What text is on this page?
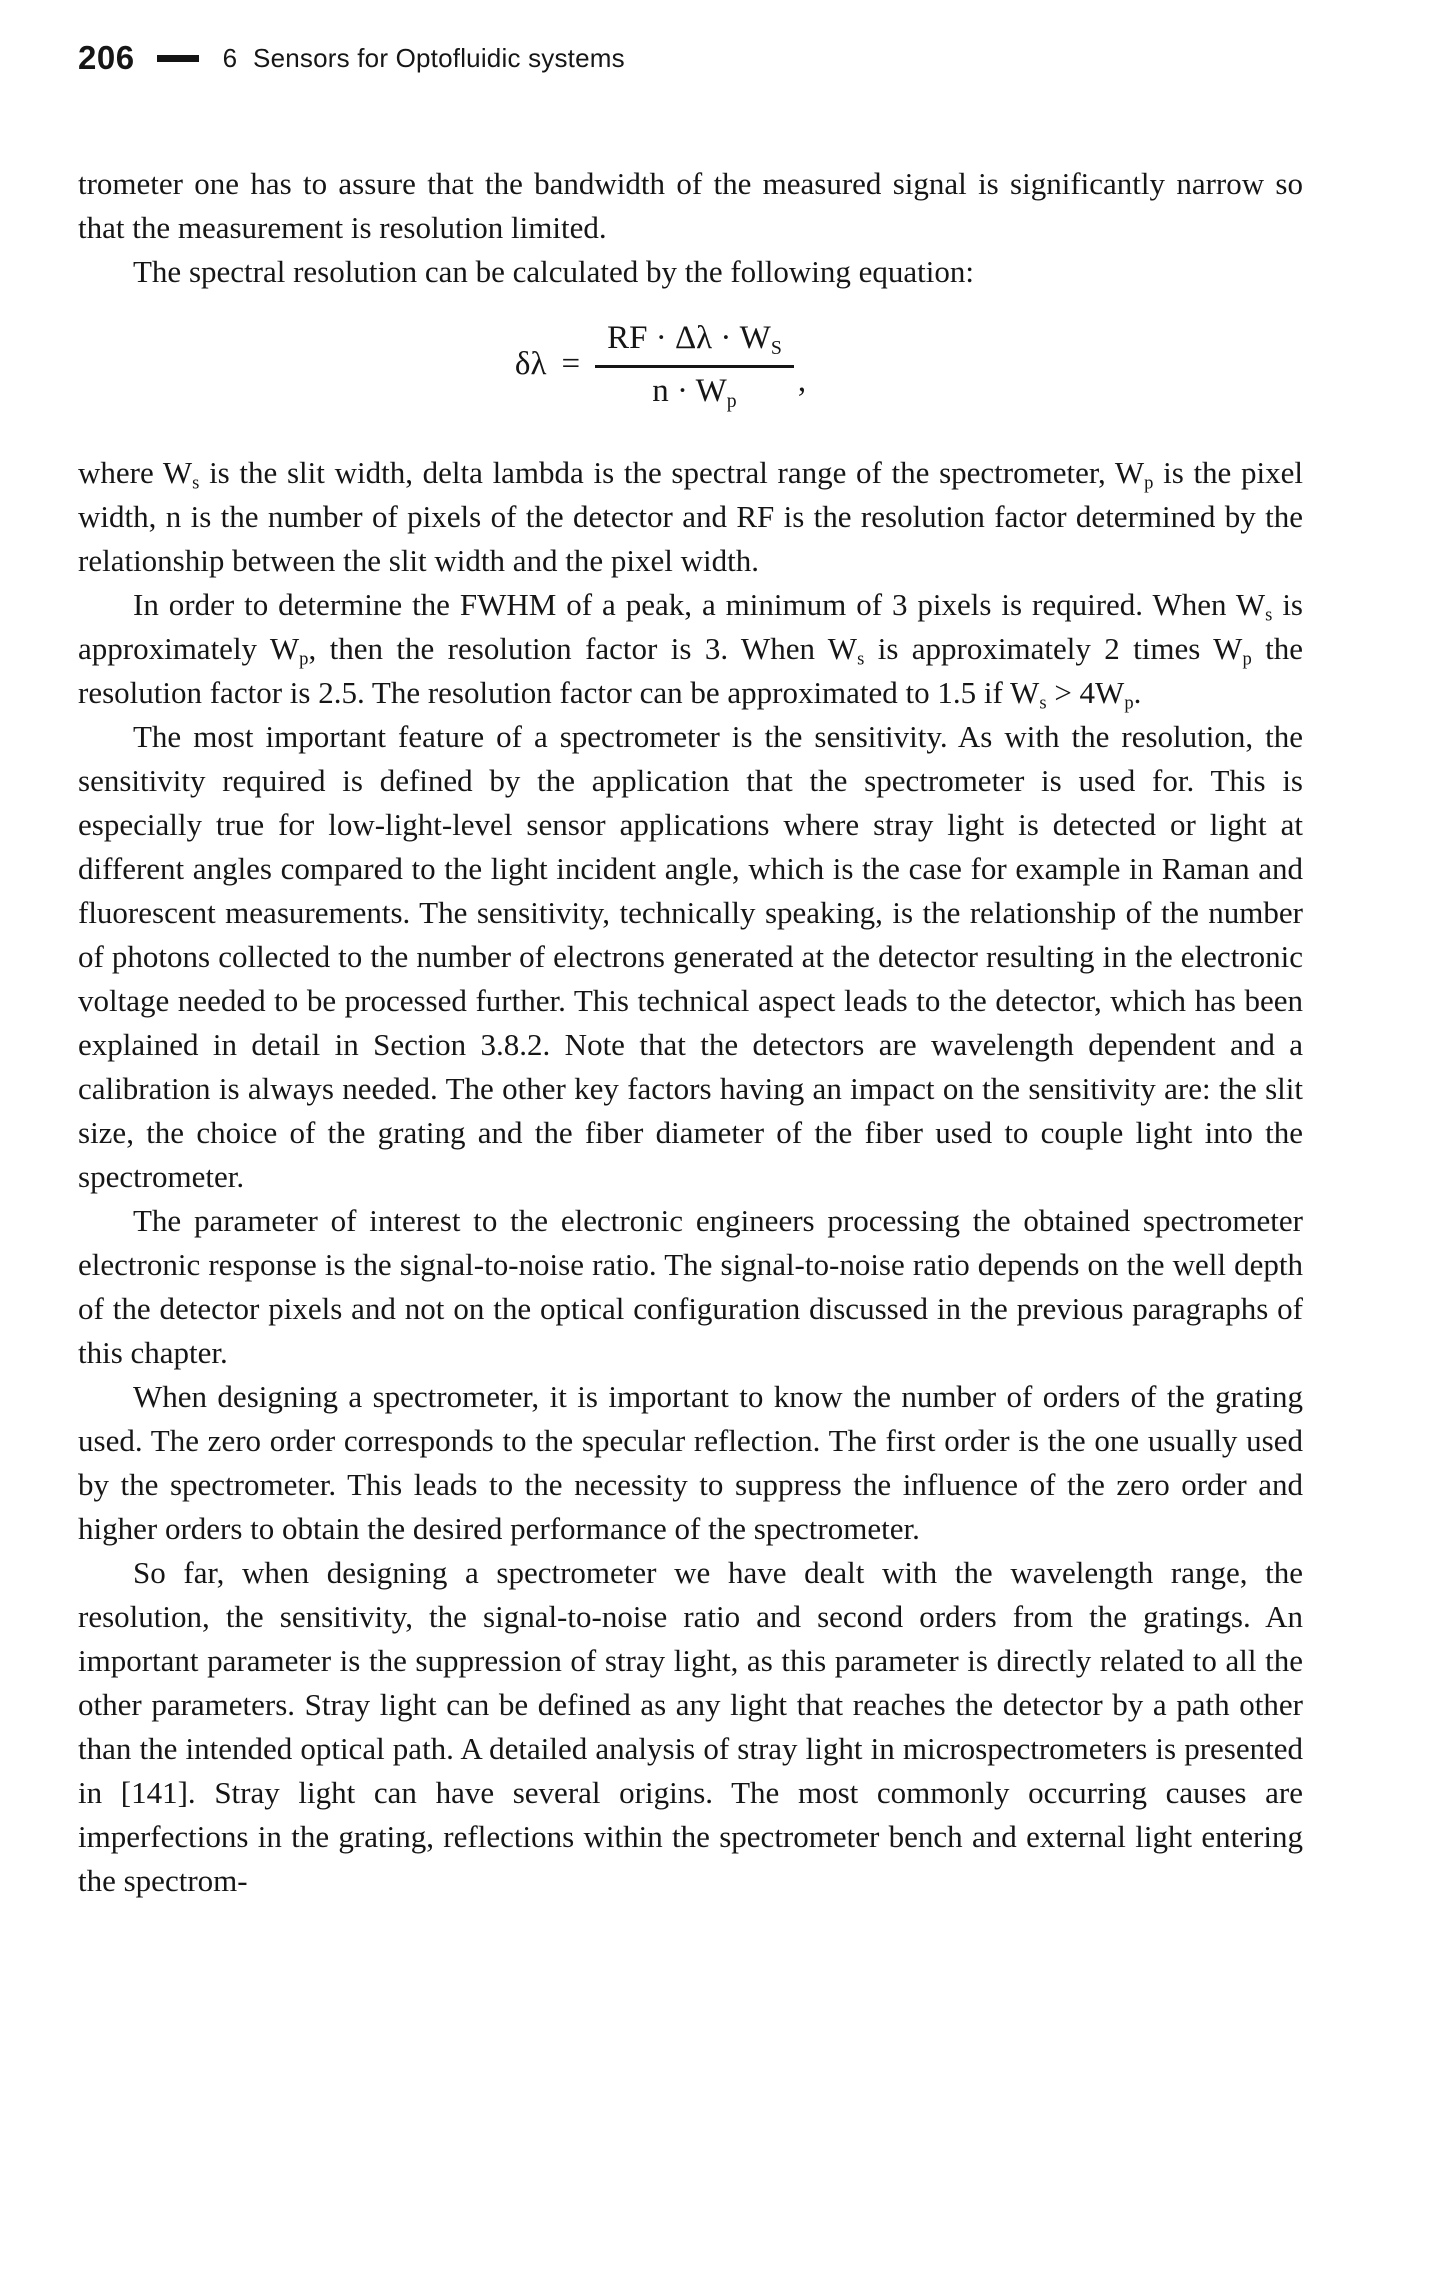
206	6 Sensors for Optofluidic systems

trometer one has to assure that the bandwidth of the measured signal is significantly narrow so that the measurement is resolution limited.

The spectral resolution can be calculated by the following equation:

$\delta\lambda = \frac{RF \cdot \Delta\lambda \cdot W_S}{n \cdot W_p}$ ,

where $W_s$ is the slit width, delta lambda is the spectral range of the spectrometer, $W_p$ is the pixel width, n is the number of pixels of the detector and RF is the resolution factor determined by the relationship between the slit width and the pixel width.

In order to determine the FWHM of a peak, a minimum of 3 pixels is required. When $W_s$ is approximately $W_p$, then the resolution factor is 3. When $W_s$ is approximately 2 times $W_p$ the resolution factor is 2.5. The resolution factor can be approximated to 1.5 if $W_s > 4W_p$.

The most important feature of a spectrometer is the sensitivity. As with the resolution, the sensitivity required is defined by the application that the spectrometer is used for. This is especially true for low-light-level sensor applications where stray light is detected or light at different angles compared to the light incident angle, which is the case for example in Raman and fluorescent measurements. The sensitivity, technically speaking, is the relationship of the number of photons collected to the number of electrons generated at the detector resulting in the electronic voltage needed to be processed further. This technical aspect leads to the detector, which has been explained in detail in Section 3.8.2. Note that the detectors are wavelength dependent and a calibration is always needed. The other key factors having an impact on the sensitivity are: the slit size, the choice of the grating and the fiber diameter of the fiber used to couple light into the spectrometer.

The parameter of interest to the electronic engineers processing the obtained spectrometer electronic response is the signal-to-noise ratio. The signal-to-noise ratio depends on the well depth of the detector pixels and not on the optical configuration discussed in the previous paragraphs of this chapter.

When designing a spectrometer, it is important to know the number of orders of the grating used. The zero order corresponds to the specular reflection. The first order is the one usually used by the spectrometer. This leads to the necessity to suppress the influence of the zero order and higher orders to obtain the desired performance of the spectrometer.

So far, when designing a spectrometer we have dealt with the wavelength range, the resolution, the sensitivity, the signal-to-noise ratio and second orders from the gratings. An important parameter is the suppression of stray light, as this parameter is directly related to all the other parameters. Stray light can be defined as any light that reaches the detector by a path other than the intended optical path. A detailed analysis of stray light in microspectrometers is presented in [141]. Stray light can have several origins. The most commonly occurring causes are imperfections in the grating, reflections within the spectrometer bench and external light entering the spectrom-
